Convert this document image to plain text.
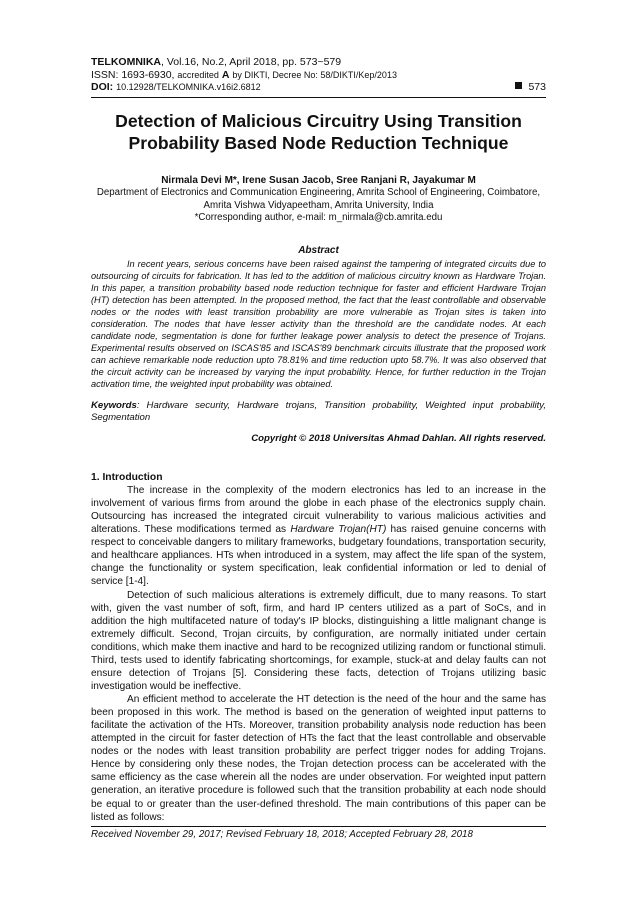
TELKOMNIKA, Vol.16, No.2, April 2018, pp. 573~579
ISSN: 1693-6930, accredited A by DIKTI, Decree No: 58/DIKTI/Kep/2013
DOI: 10.12928/TELKOMNIKA.v16i2.6812	573
Detection of Malicious Circuitry Using Transition Probability Based Node Reduction Technique
Nirmala Devi M*, Irene Susan Jacob, Sree Ranjani R, Jayakumar M
Department of Electronics and Communication Engineering, Amrita School of Engineering, Coimbatore,
Amrita Vishwa Vidyapeetham, Amrita University, India
*Corresponding author, e-mail: m_nirmala@cb.amrita.edu
Abstract

In recent years, serious concerns have been raised against the tampering of integrated circuits due to outsourcing of circuits for fabrication. It has led to the addition of malicious circuitry known as Hardware Trojan. In this paper, a transition probability based node reduction technique for faster and efficient Hardware Trojan (HT) detection has been attempted. In the proposed method, the fact that the least controllable and observable nodes or the nodes with least transition probability are more vulnerable as Trojan sites is taken into consideration. The nodes that have lesser activity than the threshold are the candidate nodes. At each candidate node, segmentation is done for further leakage power analysis to detect the presence of Trojans. Experimental results observed on ISCAS'85 and ISCAS'89 benchmark circuits illustrate that the proposed work can achieve remarkable node reduction upto 78.81% and time reduction upto 58.7%. It was also observed that the circuit activity can be increased by varying the input probability. Hence, for further reduction in the Trojan activation time, the weighted input probability was obtained.

Keywords: Hardware security, Hardware trojans, Transition probability, Weighted input probability, Segmentation

Copyright © 2018 Universitas Ahmad Dahlan. All rights reserved.
1. Introduction

The increase in the complexity of the modern electronics has led to an increase in the involvement of various firms from around the globe in each phase of the electronics supply chain. Outsourcing has increased the integrated circuit vulnerability to various malicious activities and alterations. These modifications termed as Hardware Trojan(HT) has raised genuine concerns with respect to conceivable dangers to military frameworks, budgetary foundations, transportation security, and healthcare appliances. HTs when introduced in a system, may affect the life span of the system, change the functionality or system specification, leak confidential information or led to denial of service [1-4].

Detection of such malicious alterations is extremely difficult, due to many reasons. To start with, given the vast number of soft, firm, and hard IP centers utilized as a part of SoCs, and in addition the high multifaceted nature of today's IP blocks, distinguishing a little malignant change is extremely difficult. Second, Trojan circuits, by configuration, are normally initiated under certain conditions, which make them inactive and hard to be recognized utilizing random or functional stimuli. Third, tests used to identify fabricating shortcomings, for example, stuck-at and delay faults can not ensure detection of Trojans [5]. Considering these facts, detection of Trojans utilizing basic investigation would be ineffective.

An efficient method to accelerate the HT detection is the need of the hour and the same has been proposed in this work. The method is based on the generation of weighted input patterns to facilitate the activation of the HTs. Moreover, transition probability analysis node reduction has been attempted in the circuit for faster detection of HTs the fact that the least controllable and observable nodes or the nodes with least transition probability are perfect trigger nodes for adding Trojans. Hence by considering only these nodes, the Trojan detection process can be accelerated with the same efficiency as the case wherein all the nodes are under observation. For weighted input pattern generation, an iterative procedure is followed such that the transition probability at each node should be equal to or greater than the user-defined threshold. The main contributions of this paper can be listed as follows:

Received November 29, 2017; Revised February 18, 2018; Accepted February 28, 2018
